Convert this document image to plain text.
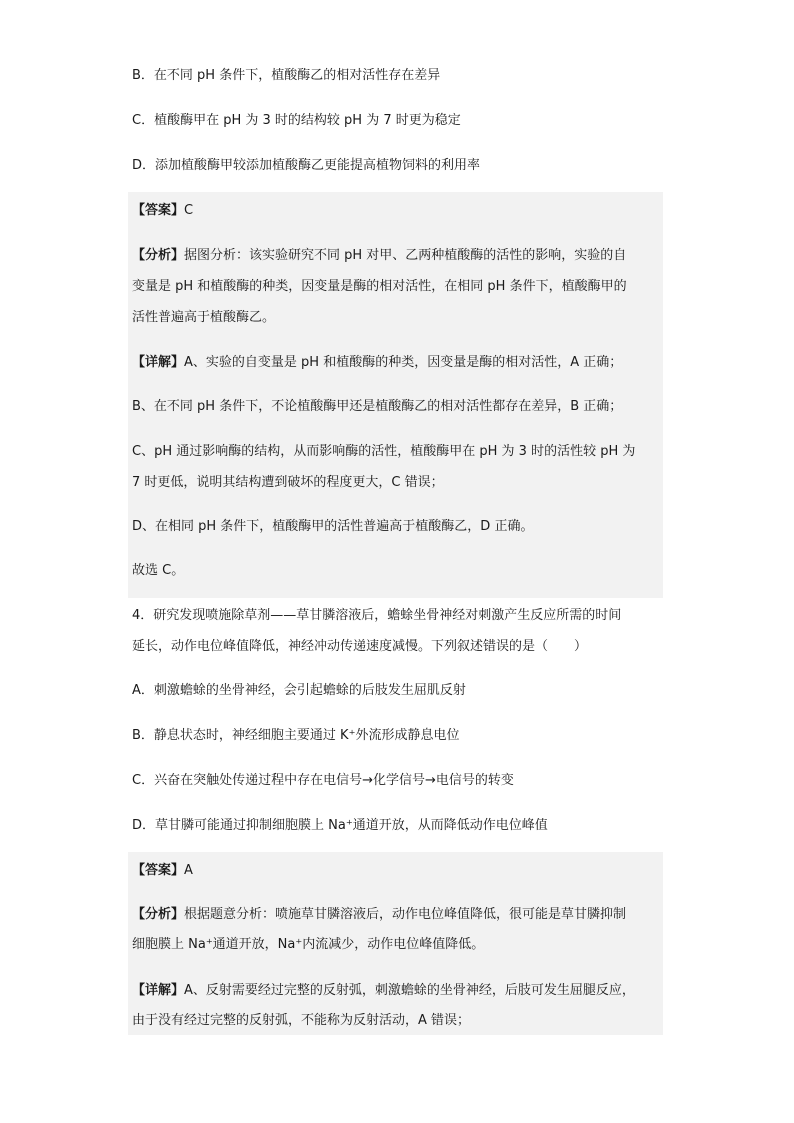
B．在不同 pH 条件下，植酸酶乙的相对活性存在差异
C．植酸酶甲在 pH 为 3 时的结构较 pH 为 7 时更为稳定
D．添加植酸酶甲较添加植酸酶乙更能提高植物饲料的利用率
【答案】C
【分析】据图分析：该实验研究不同 pH 对甲、乙两种植酸酶的活性的影响，实验的自
变量是 pH 和植酸酶的种类，因变量是酶的相对活性，在相同 pH 条件下，植酸酶甲的
活性普遍高于植酸酶乙。
【详解】A、实验的自变量是 pH 和植酸酶的种类，因变量是酶的相对活性，A 正确；
B、在不同 pH 条件下，不论植酸酶甲还是植酸酶乙的相对活性都存在差异，B 正确；
C、pH 通过影响酶的结构，从而影响酶的活性，植酸酶甲在 pH 为 3 时的活性较 pH 为
7 时更低，说明其结构遭到破坏的程度更大，C 错误；
D、在相同 pH 条件下，植酸酶甲的活性普遍高于植酸酶乙，D 正确。
故选 C。
4．研究发现喷施除草剂——草甘膦溶液后，蟾蜍坐骨神经对刺激产生反应所需的时间
延长，动作电位峰值降低，神经冲动传递速度减慢。下列叙述错误的是（　　）
A．刺激蟾蜍的坐骨神经，会引起蟾蜍的后肢发生屈肌反射
B．静息状态时，神经细胞主要通过 K⁺外流形成静息电位
C．兴奋在突触处传递过程中存在电信号→化学信号→电信号的转变
D．草甘膦可能通过抑制细胞膜上 Na⁺通道开放，从而降低动作电位峰值
【答案】A
【分析】根据题意分析：喷施草甘膦溶液后，动作电位峰值降低，很可能是草甘膦抑制
细胞膜上 Na⁺通道开放，Na⁺内流减少，动作电位峰值降低。
【详解】A、反射需要经过完整的反射弧，刺激蟾蜍的坐骨神经，后肢可发生屈腿反应，
由于没有经过完整的反射弧，不能称为反射活动，A 错误；
